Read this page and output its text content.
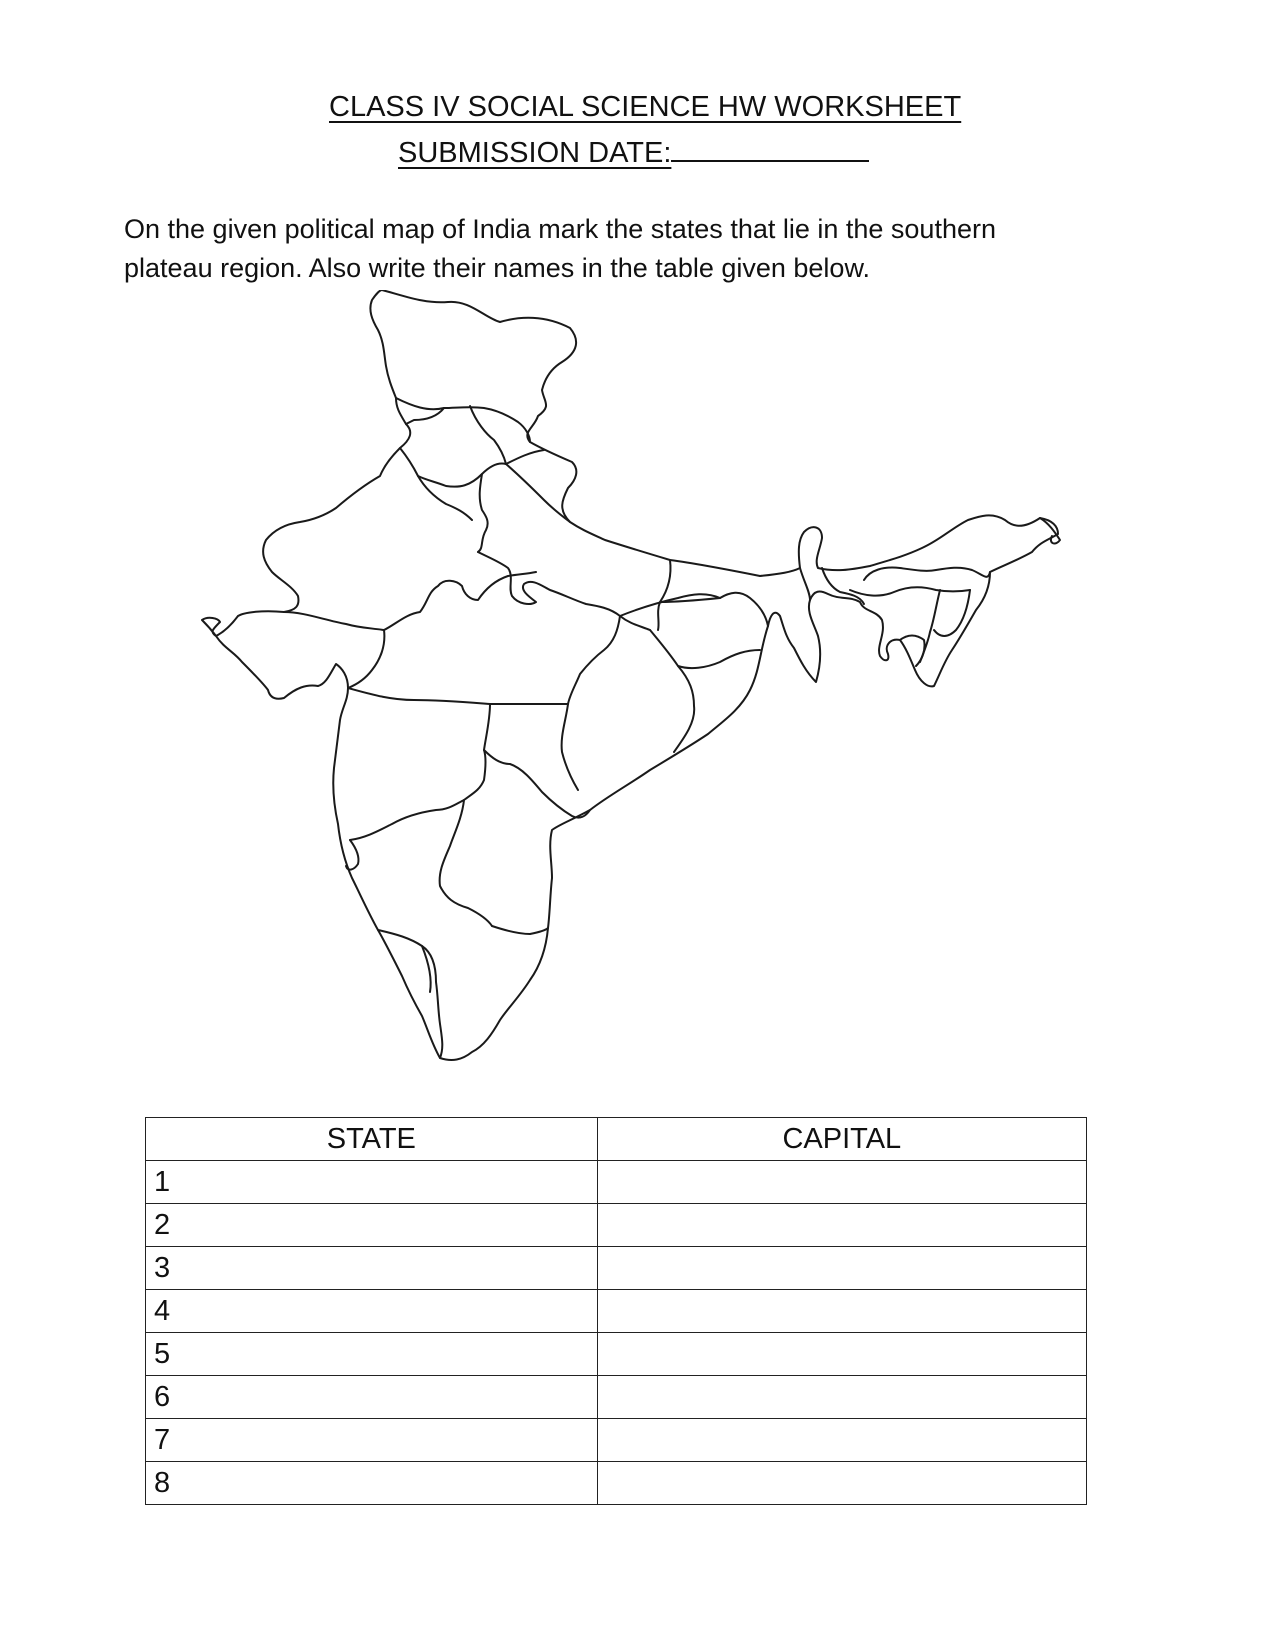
CLASS IV SOCIAL SCIENCE HW WORKSHEET
SUBMISSION DATE:
On the given political map of India mark the states that lie in the southern plateau region. Also write their names in the table given below.
STATE	CAPITAL
1	
2	
3	
4	
5	
6	
7	
8	
